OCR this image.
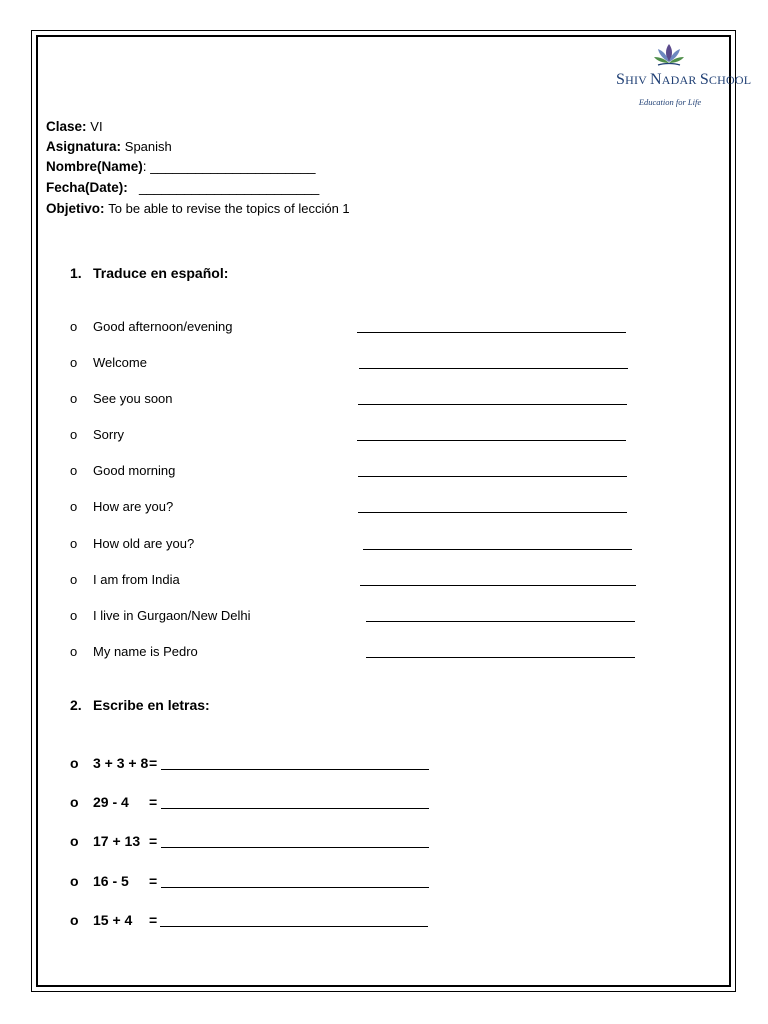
SHIV NADAR SCHOOL
Education for Life
Clase: VI
Asignatura: Spanish
Nombre(Name): ______________________
Fecha(Date): ________________________
Objetivo: To be able to revise the topics of lección 1
1. Traduce en español:
o Good afternoon/evening
o Welcome
o See you soon
o Sorry
o Good morning
o How are you?
o How old are you?
o I am from India
o I live in Gurgaon/New Delhi
o My name is Pedro
2. Escribe en letras:
o 3 + 3 + 8 =
o 29 - 4 =
o 17 + 13 =
o 16 - 5 =
o 15 + 4 =
